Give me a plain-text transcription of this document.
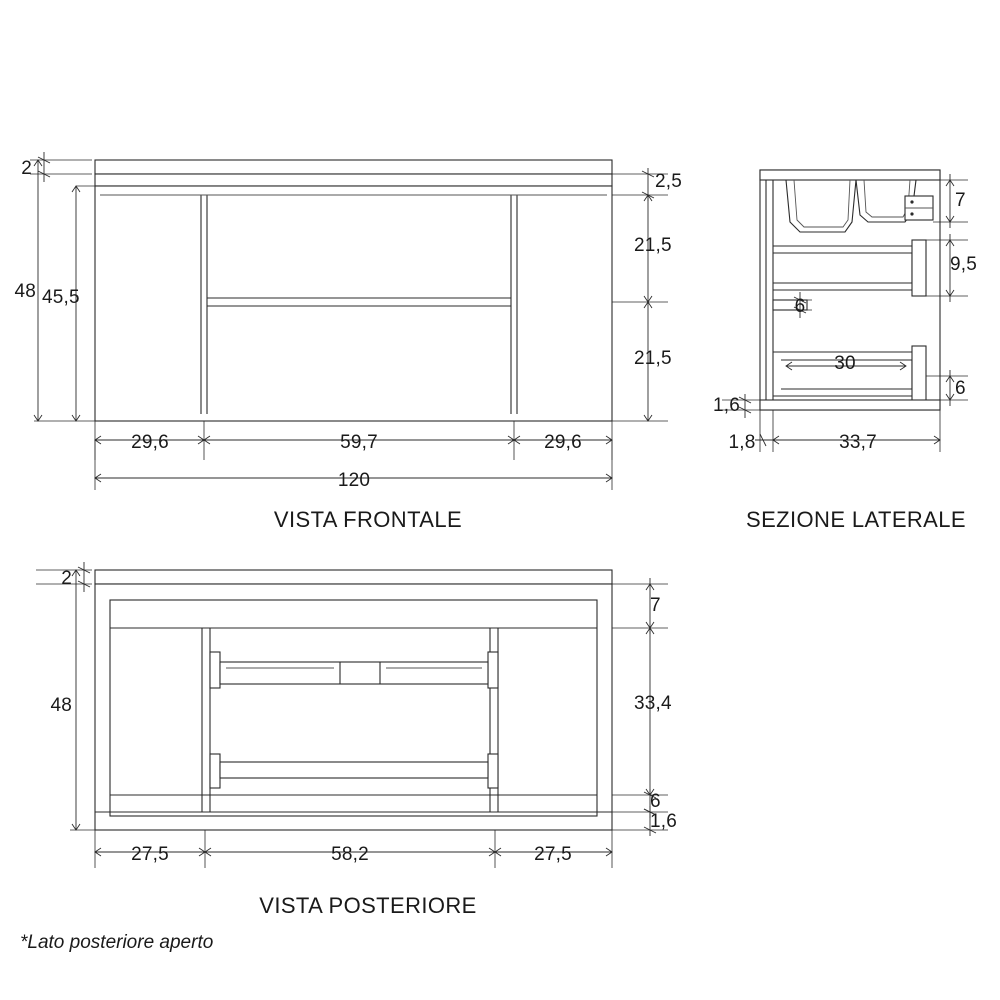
2
48 45,5
2,5
21,5
21,5
29,6	59,7	29,6
120
VISTA FRONTALE
7
9,5
6
30
6
1,6
1,8	33,7
SEZIONE LATERALE
2
48
7
33,4
6
1,6
27,5	58,2	27,5
VISTA POSTERIORE
*Lato posteriore aperto
